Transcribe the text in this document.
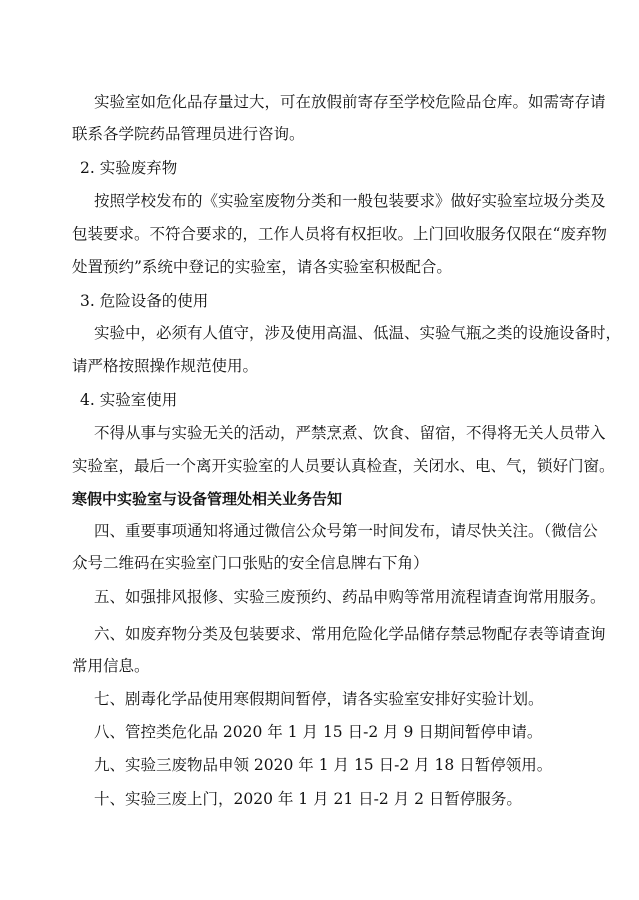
实验室如危化品存量过大，可在放假前寄存至学校危险品仓库。如需寄存请
联系各学院药品管理员进行咨询。
2. 实验废弃物
按照学校发布的《实验室废物分类和一般包装要求》做好实验室垃圾分类及
包装要求。不符合要求的，工作人员将有权拒收。上门回收服务仅限在“废弃物
处置预约”系统中登记的实验室，请各实验室积极配合。
3. 危险设备的使用
实验中，必须有人值守，涉及使用高温、低温、实验气瓶之类的设施设备时，
请严格按照操作规范使用。
4. 实验室使用
不得从事与实验无关的活动，严禁烹煮、饮食、留宿，不得将无关人员带入
实验室，最后一个离开实验室的人员要认真检查，关闭水、电、气，锁好门窗。
寒假中实验室与设备管理处相关业务告知
四、重要事项通知将通过微信公众号第一时间发布，请尽快关注。（微信公
众号二维码在实验室门口张贴的安全信息牌右下角）
五、如强排风报修、实验三废预约、药品申购等常用流程请查询常用服务。
六、如废弃物分类及包装要求、常用危险化学品储存禁忌物配存表等请查询
常用信息。
七、剧毒化学品使用寒假期间暂停，请各实验室安排好实验计划。
八、管控类危化品 2020 年 1 月 15 日-2 月 9 日期间暂停申请。
九、实验三废物品申领 2020 年 1 月 15 日-2 月 18 日暂停领用。
十、实验三废上门，2020 年 1 月 21 日-2 月 2 日暂停服务。
